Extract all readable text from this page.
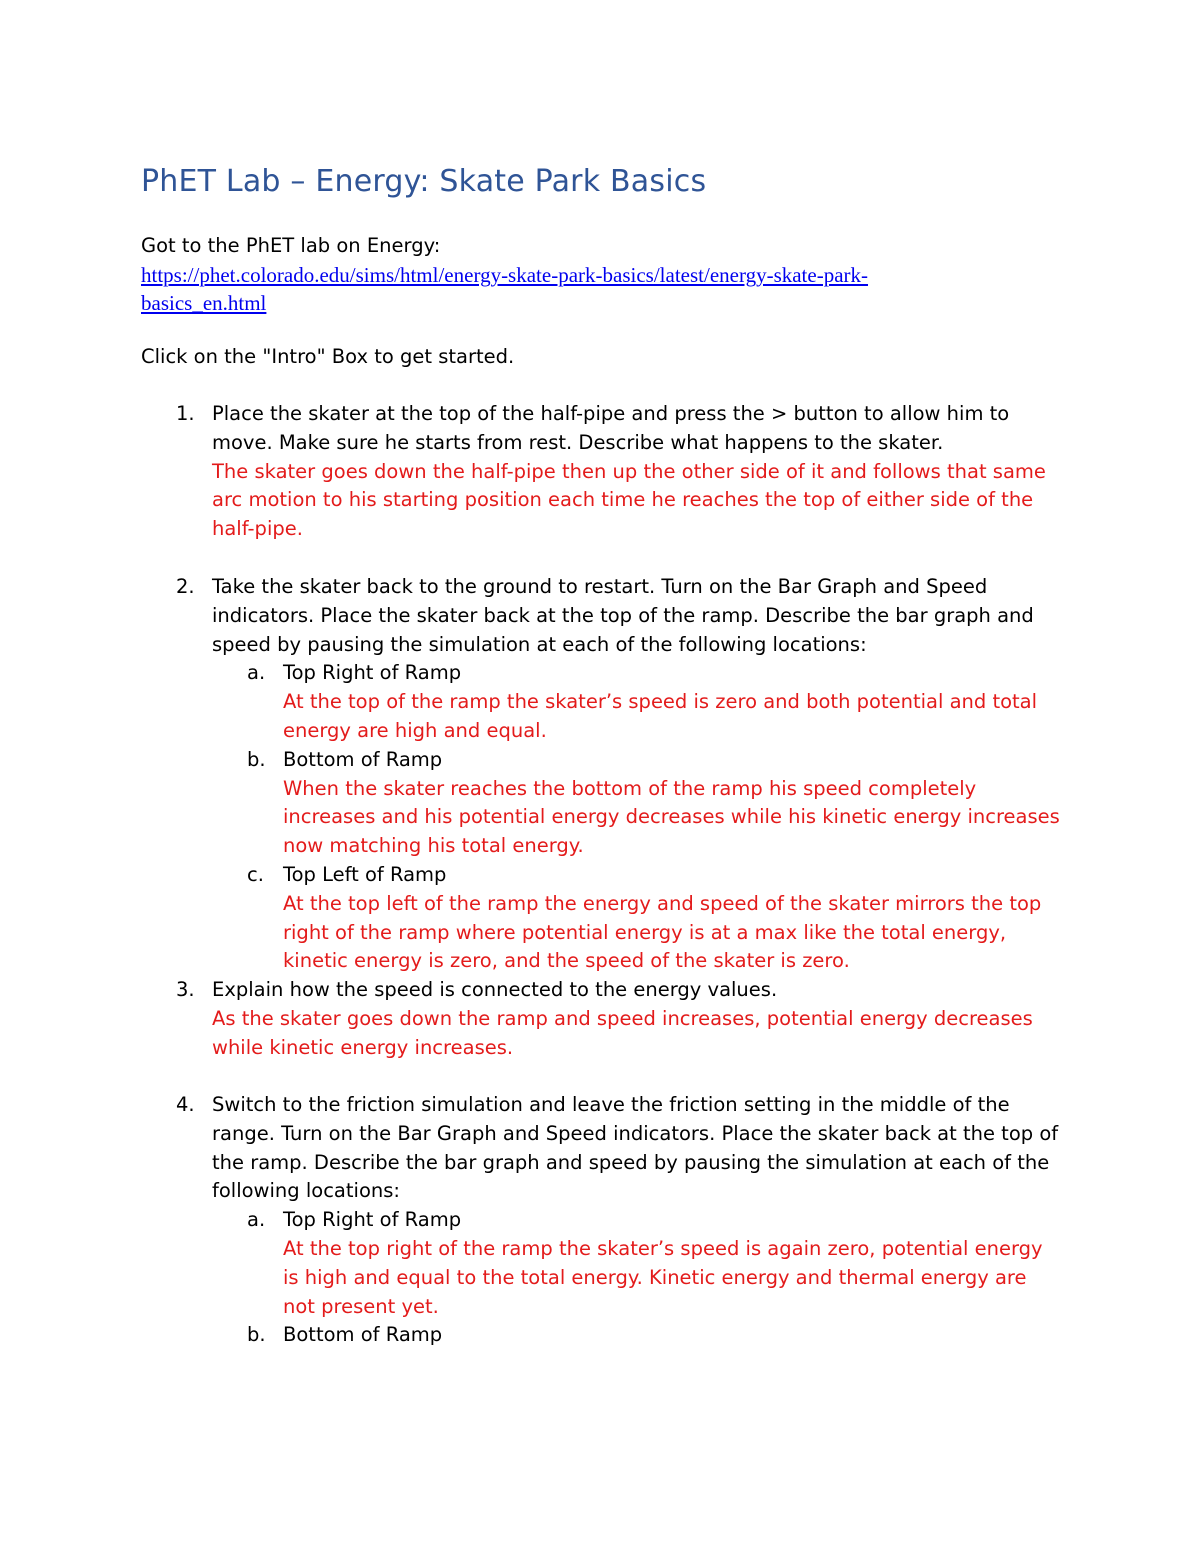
PhET Lab – Energy: Skate Park Basics

Got to the PhET lab on Energy:

https://phet.colorado.edu/sims/html/energy-skate-park-basics/latest/energy-skate-park-basics_en.html

Click on the "Intro" Box to get started.

1. Place the skater at the top of the half-pipe and press the > button to allow him to move. Make sure he starts from rest. Describe what happens to the skater.

The skater goes down the half-pipe then up the other side of it and follows that same arc motion to his starting position each time he reaches the top of either side of the half-pipe.

2. Take the skater back to the ground to restart. Turn on the Bar Graph and Speed indicators. Place the skater back at the top of the ramp. Describe the bar graph and speed by pausing the simulation at each of the following locations:

a. Top Right of Ramp

At the top of the ramp the skater’s speed is zero and both potential and total energy are high and equal.

b. Bottom of Ramp

When the skater reaches the bottom of the ramp his speed completely increases and his potential energy decreases while his kinetic energy increases now matching his total energy.

c. Top Left of Ramp

At the top left of the ramp the energy and speed of the skater mirrors the top right of the ramp where potential energy is at a max like the total energy, kinetic energy is zero, and the speed of the skater is zero.

3. Explain how the speed is connected to the energy values.

As the skater goes down the ramp and speed increases, potential energy decreases while kinetic energy increases.

4. Switch to the friction simulation and leave the friction setting in the middle of the range. Turn on the Bar Graph and Speed indicators. Place the skater back at the top of the ramp. Describe the bar graph and speed by pausing the simulation at each of the following locations:

a. Top Right of Ramp

At the top right of the ramp the skater’s speed is again zero, potential energy is high and equal to the total energy. Kinetic energy and thermal energy are not present yet.

b. Bottom of Ramp
